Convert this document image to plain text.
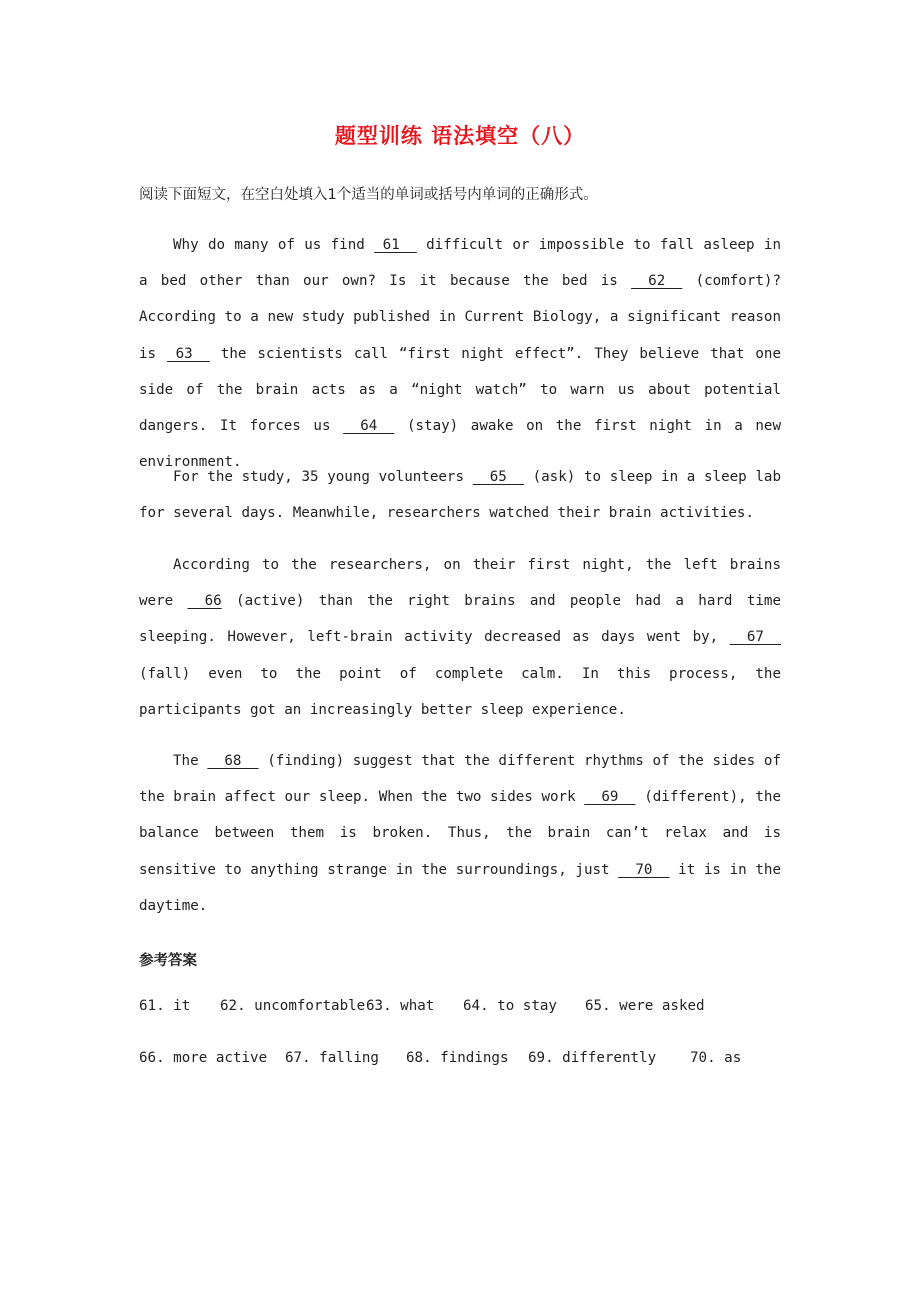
题型训练 语法填空（八）
阅读下面短文，在空白处填入1个适当的单词或括号内单词的正确形式。

Why do many of us find  61   difficult or impossible to fall asleep in a bed other than our own? Is it because the bed is   62   (comfort)? According to a new study published in Current Biology, a significant reason is  63   the scientists call “first night effect”. They believe that one side of the brain acts as a “night watch” to warn us about potential dangers. It forces us   64   (stay) awake on the first night in a new environment.

For the study, 35 young volunteers   65   (ask) to sleep in a sleep lab for several days. Meanwhile, researchers watched their brain activities.

According to the researchers, on their first night, the left brains were   66 (active) than the right brains and people had a hard time sleeping. However, left-brain activity decreased as days went by,   67   (fall) even to the point of complete calm. In this process, the participants got an increasingly better sleep experience.

The   68   (finding) suggest that the different rhythms of the sides of the brain affect our sleep. When the two sides work   69   (different), the balance between them is broken. Thus, the brain can’t relax and is sensitive to anything strange in the surroundings, just   70   it is in the daytime.

参考答案
61. it 62. uncomfortable 63. what 64. to stay 65. were asked
66. more active 67. falling 68. findings 69. differently 70. as
